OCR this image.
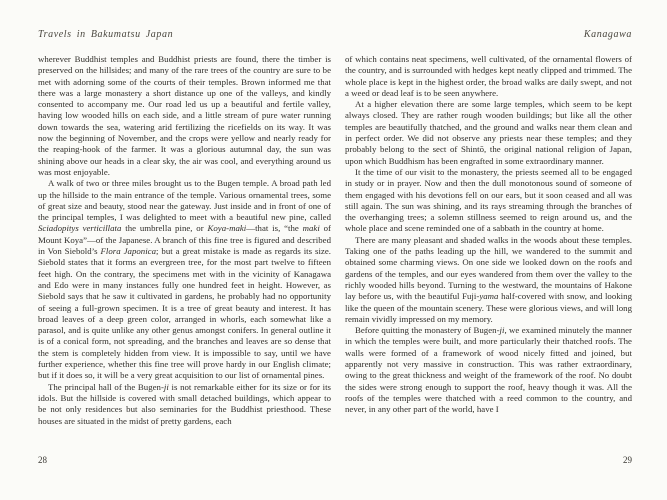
Travels in Bakumatsu Japan

wherever Buddhist temples and Buddhist priests are found, there the timber is preserved on the hillsides; and many of the rare trees of the country are sure to be met with adorning some of the courts of their temples. Brown informed me that there was a large monastery a short distance up one of the valleys, and kindly consented to accompany me. Our road led us up a beautiful and fertile valley, having low wooded hills on each side, and a little stream of pure water running down towards the sea, watering arid fertilizing the ricefields on its way. It was now the beginning of November, and the crops were yellow and nearly ready for the reaping-hook of the farmer. It was a glorious autumnal day, the sun was shining above our heads in a clear sky, the air was cool, and everything around us was most enjoyable.

A walk of two or three miles brought us to the Bugen temple. A broad path led up the hillside to the main entrance of the temple. Various ornamental trees, some of great size and beauty, stood near the gateway. Just inside and in front of one of the principal temples, I was delighted to meet with a beautiful new pine, called Sciadopitys verticillata the umbrella pine, or Koya-maki—that is, “the maki of Mount Koya”—of the Japanese. A branch of this fine tree is figured and described in Von Siebold’s Flora Japonica; but a great mistake is made as regards its size. Siebold states that it forms an evergreen tree, for the most part twelve to fifteen feet high. On the contrary, the specimens met with in the vicinity of Kanagawa and Edo were in many instances fully one hundred feet in height. However, as Siebold says that he saw it cultivated in gardens, he probably had no opportunity of seeing a full-grown specimen. It is a tree of great beauty and interest. It has broad leaves of a deep green color, arranged in whorls, each somewhat like a parasol, and is quite unlike any other genus amongst conifers. In general outline it is of a conical form, not spreading, and the branches and leaves are so dense that the stem is completely hidden from view. It is impossible to say, until we have further experience, whether this fine tree will prove hardy in our English climate; but if it does so, it will be a very great acquisition to our list of ornamental pines.

The principal hall of the Bugen-ji is not remarkable either for its size or for its idols. But the hillside is covered with small detached buildings, which appear to be not only residences but also seminaries for the Buddhist priesthood. These houses are situated in the midst of pretty gardens, each

28
Kanagawa

of which contains neat specimens, well cultivated, of the ornamental flowers of the country, and is surrounded with hedges kept neatly clipped and trimmed. The whole place is kept in the highest order, the broad walks are daily swept, and not a weed or dead leaf is to be seen anywhere.

At a higher elevation there are some large temples, which seem to be kept always closed. They are rather rough wooden buildings; but like all the other temples are beautifully thatched, and the ground and walks near them clean and in perfect order. We did not observe any priests near these temples; and they probably belong to the sect of Shintō, the original national religion of Japan, upon which Buddhism has been engrafted in some extraordinary manner.

It the time of our visit to the monastery, the priests seemed all to be engaged in study or in prayer. Now and then the dull monotonous sound of someone of them engaged with his devotions fell on our ears, but it soon ceased and all was still again. The sun was shining, and its rays streaming through the branches of the overhanging trees; a solemn stillness seemed to reign around us, and the whole place and scene reminded one of a sabbath in the country at home.

There are many pleasant and shaded walks in the woods about these temples. Taking one of the paths leading up the hill, we wandered to the summit and obtained some charming views. On one side we looked down on the roofs and gardens of the temples, and our eyes wandered from them over the valley to the richly wooded hills beyond. Turning to the westward, the mountains of Hakone lay before us, with the beautiful Fuji-yama half-covered with snow, and looking like the queen of the mountain scenery. These were glorious views, and will long remain vividly impressed on my memory.

Before quitting the monastery of Bugen-ji, we examined minutely the manner in which the temples were built, and more particularly their thatched roofs. The walls were formed of a framework of wood nicely fitted and joined, but apparently not very massive in construction. This was rather extraordinary, owing to the great thickness and weight of the framework of the roof. No doubt the sides were strong enough to support the roof, heavy though it was. All the roofs of the temples were thatched with a reed common to the country, and never, in any other part of the world, have I

29
